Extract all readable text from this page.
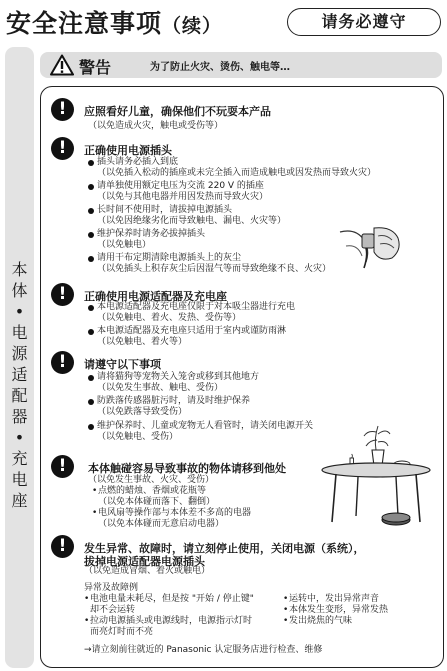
安全注意事项（续）	请务必遵守
本
体
•
电
源
适
配
器
•
充
电
座
警告	为了防止火灾、烫伤、触电等…
!	应照看好儿童，确保他们不玩耍本产品
（以免造成火灾，触电或受伤等）
!	正确使用电源插头
插头请务必插入到底
（以免插入松动的插座或未完全插入而造成触电或因发热而导致火灾）
请单独使用额定电压为交流 220 V 的插座
（以免与其他电器并用因发热而导致火灾）
长时间不使用时，请拔掉电源插头
（以免因绝缘劣化而导致触电、漏电、火灾等）
维护保养时请务必拔掉插头
（以免触电）
请用干布定期清除电源插头上的灰尘
（以免插头上积存灰尘后因湿气等而导致绝缘不良、火灾）
!	正确使用电源适配器及充电座
本电源适配器及充电座仅限于对本吸尘器进行充电
（以免触电、着火、发热、受伤等）
本电源适配器及充电座只适用于室内或谨防雨淋
（以免触电、着火等）
!	请遵守以下事项
请将猫狗等宠物关入笼舍或移到其他地方
（以免发生事故、触电、受伤）
防跌落传感器脏污时，请及时维护保养
（以免跌落导致受伤）
维护保养时、儿童或宠物无人看管时，请关闭电源开关
（以免触电、受伤）
!	本体触碰容易导致事故的物体请移到他处
（以免发生事故、火灾、受伤）
• 点燃的蜡烛、香烟或花瓶等
（以免本体碰而落下、翻倒）
• 电风扇等操作部与本体差不多高的电器
（以免本体碰而无意启动电器）
!	发生异常、故障时，请立刻停止使用，关闭电源（系统），
拔掉电源适配器电源插头
（以免造成冒烟、着火或触电）
异常及故障例
• 电池电量未耗尽，但是按 "开始 / 停止键"
却不会运转
• 拉动电源插头或电源线时，电源指示灯时
而亮灯时而不亮
• 运转中，发出异常声音
• 本体发生变形，异常发热
• 发出烧焦的气味
→请立刻前往就近的 Panasonic 认定服务店进行检查、维修
